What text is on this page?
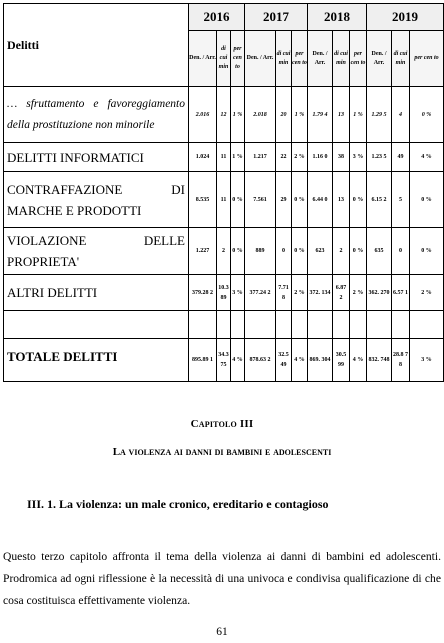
Delitti	2016			2017			2018			2019		
	Den. / Arr.	di cui min	per cen to	Den. / Arr.	di cui min	per cen to	Den. / Arr.	di cui min	per cen to	Den. / Arr.	di cui min	per cen to
… sfruttamento e favoreggiamento della prostituzione non minorile	2.016	12	1 %	2.018	20	1 %	1.79 4	13	1 %	1.29 5	4	0 %
DELITTI INFORMATICI	1.024	11	1 %	1.217	22	2 %	1.16 0	38	3 %	1.23 5	49	4 %
CONTRAFFAZIONE DI MARCHE E PRODOTTI	8.535	11	0 %	7.561	29	0 %	6.44 0	13	0 %	6.15 2	5	0 %
VIOLAZIONE DELLE PROPRIETA'	1.227	2	0 %	889	0	0 %	623	2	0 %	635	0	0 %
ALTRI DELITTI	379.28 2	10.3 89	3 %	377.24 2	7.71 8	2 %	372. 134	6.87 2	2 %	362. 270	6.57 1	2 %

TOTALE DELITTI	895.89 1	34.3 75	4 %	878.63 2	32.5 49	4 %	869. 304	30.5 99	4 %	832. 748	28.8 78	3 %
Capitolo III
La violenza ai danni di bambini e adolescenti
III. 1. La violenza: un male cronico, ereditario e contagioso
Questo terzo capitolo affronta il tema della violenza ai danni di bambini ed adolescenti. Prodromica ad ogni riflessione è la necessità di una univoca e condivisa qualificazione di che cosa costituisca effettivamente violenza.
61
